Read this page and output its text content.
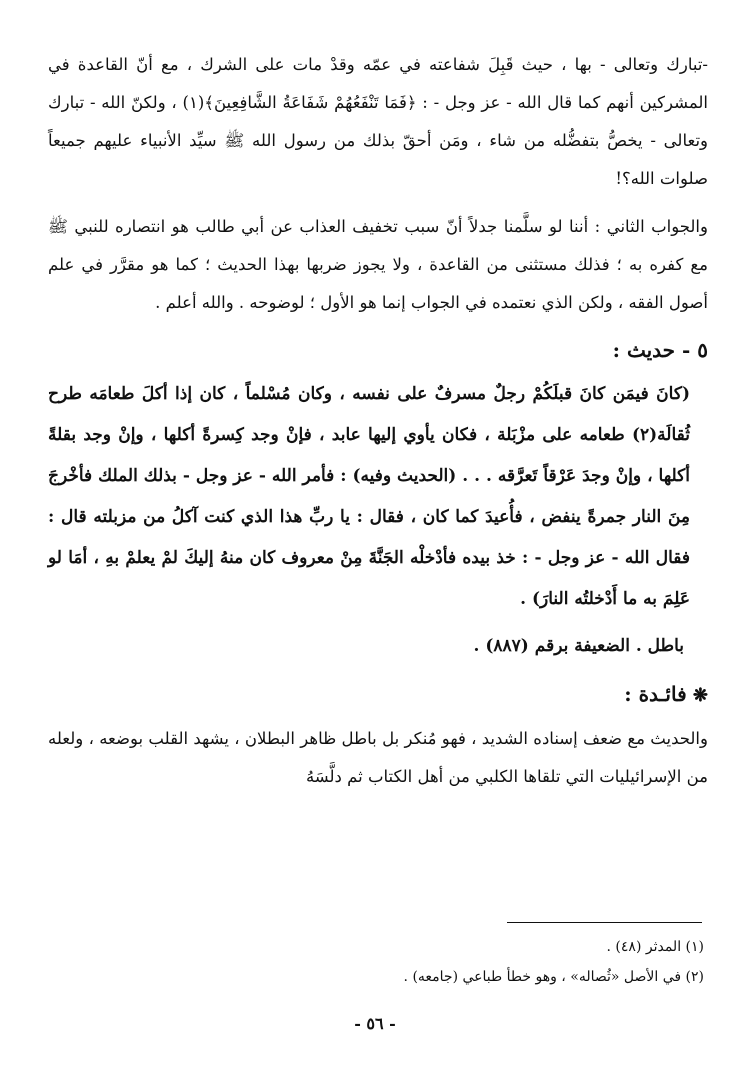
-تبارك وتعالى - بها ، حيث قَبِلَ شفاعته في عمّه وقدْ مات على الشرك ، مع أنّ القاعدة في المشركين أنهم كما قال الله - عز وجل - : ﴿فَمَا تَنْفَعُهُمْ شَفَاعَةُ الشَّافِعِينَ﴾(١) ، ولكنّ الله - تبارك وتعالى - يخصُّ بتفضُّله من شاء ، ومَن أحقّ بذلك من رسول الله ﷺ سيِّد الأنبياء عليهم جميعاً صلوات الله؟!

والجواب الثاني : أننا لو سلَّمنا جدلاً أنّ سبب تخفيف العذاب عن أبي طالب هو انتصاره للنبي ﷺ مع كفره به ؛ فذلك مستثنى من القاعدة ، ولا يجوز ضربها بهذا الحديث ؛ كما هو مقرَّر في علم أصول الفقه ، ولكن الذي نعتمده في الجواب إنما هو الأول ؛ لوضوحه . والله أعلم .

٥ - حديث :

(كانَ فيمَن كانَ قبلَكُمْ رجلٌ مسرفٌ على نفسه ، وكان مُسْلماً ، كان إذا أكلَ طعامَه طرح ثُقالَة(٢) طعامه على مزْبَلة ، فكان يأوي إليها عابد ، فإنْ وجد كِسرةً أكلها ، وإنْ وجد بقلةً أكلها ، وإنْ وجدَ عَرْقاً تَعرَّقه . . . (الحديث وفيه) : فأمر الله - عز وجل - بذلك الملك فأخْرجَ مِنَ النار جمرةً ينفض ، فأُعيدَ كما كان ، فقال : يا ربِّ هذا الذي كنت آكلُ من مزبلته قال : فقال الله - عز وجل - : خذ بيده فأدْخلْه الجَنَّةَ مِنْ معروف كان منهُ إليكَ لمْ يعلمْ بهِ ، أمَا لو عَلِمَ به ما أَدْخلتُه النارَ) .

باطل . الضعيفة برقم (٨٨٧) .
❋ فائـدة :

والحديث مع ضعف إسناده الشديد ، فهو مُنكر بل باطل ظاهر البطلان ، يشهد القلب بوضعه ، ولعله من الإسرائيليات التي تلقاها الكلبي من أهل الكتاب ثم دلَّسَهُ

(١) المدثر (٤٨) .
(٢) في الأصل «ثُصاله» ، وهو خطأ طباعي (جامعه) .
- ٥٦ -
